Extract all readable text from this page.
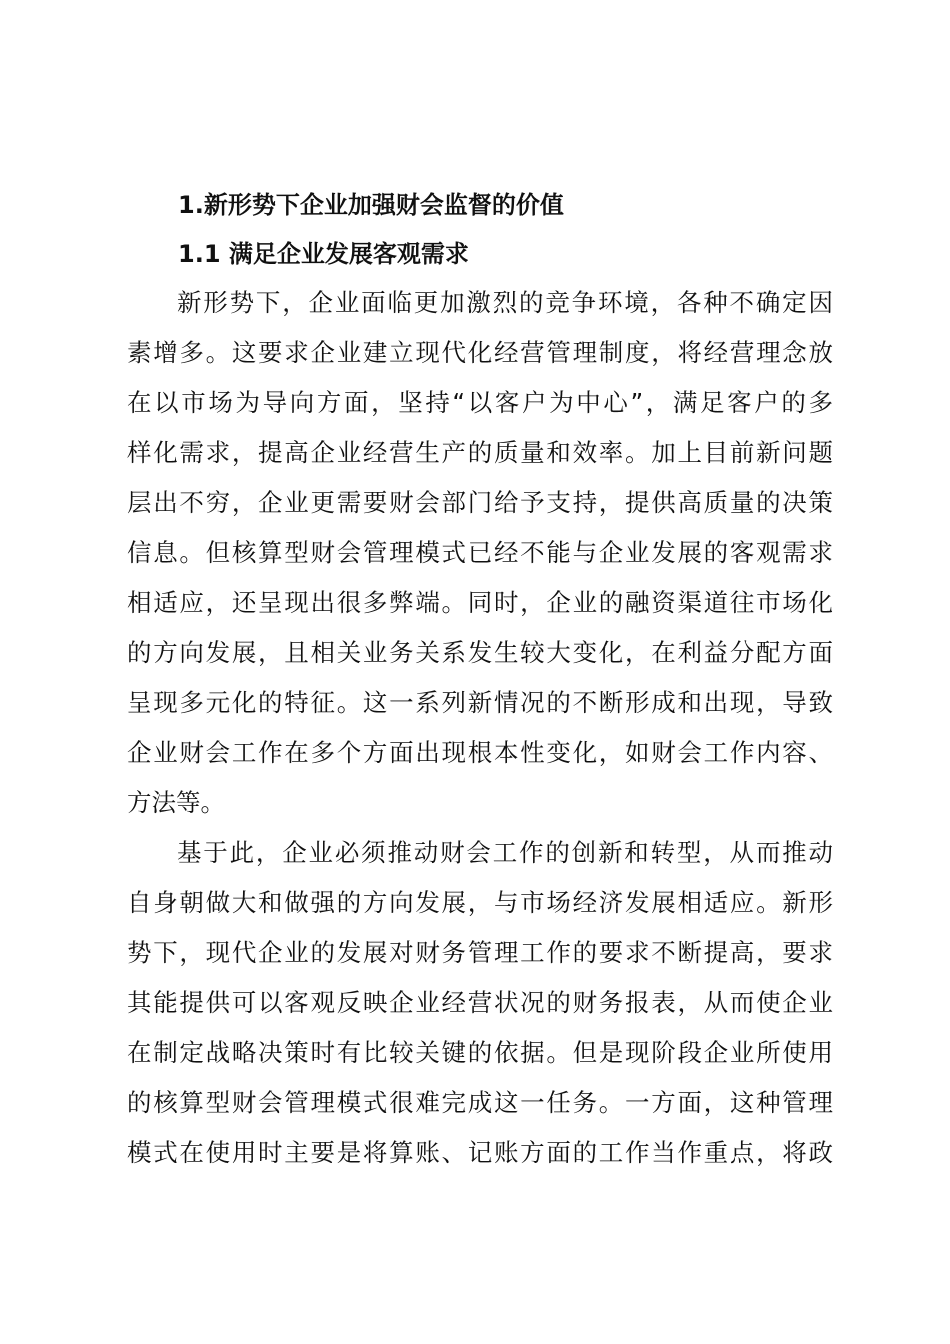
1.新形势下企业加强财会监督的价值
1.1 满足企业发展客观需求
新形势下，企业面临更加激烈的竞争环境，各种不确定因
素增多。这要求企业建立现代化经营管理制度，将经营理念放
在以市场为导向方面，坚持“以客户为中心”，满足客户的多
样化需求，提高企业经营生产的质量和效率。加上目前新问题
层出不穷，企业更需要财会部门给予支持，提供高质量的决策
信息。但核算型财会管理模式已经不能与企业发展的客观需求
相适应，还呈现出很多弊端。同时，企业的融资渠道往市场化
的方向发展，且相关业务关系发生较大变化，在利益分配方面
呈现多元化的特征。这一系列新情况的不断形成和出现，导致
企业财会工作在多个方面出现根本性变化，如财会工作内容、
方法等。
基于此，企业必须推动财会工作的创新和转型，从而推动
自身朝做大和做强的方向发展，与市场经济发展相适应。新形
势下，现代企业的发展对财务管理工作的要求不断提高，要求
其能提供可以客观反映企业经营状况的财务报表，从而使企业
在制定战略决策时有比较关键的依据。但是现阶段企业所使用
的核算型财会管理模式很难完成这一任务。一方面，这种管理
模式在使用时主要是将算账、记账方面的工作当作重点，将政
